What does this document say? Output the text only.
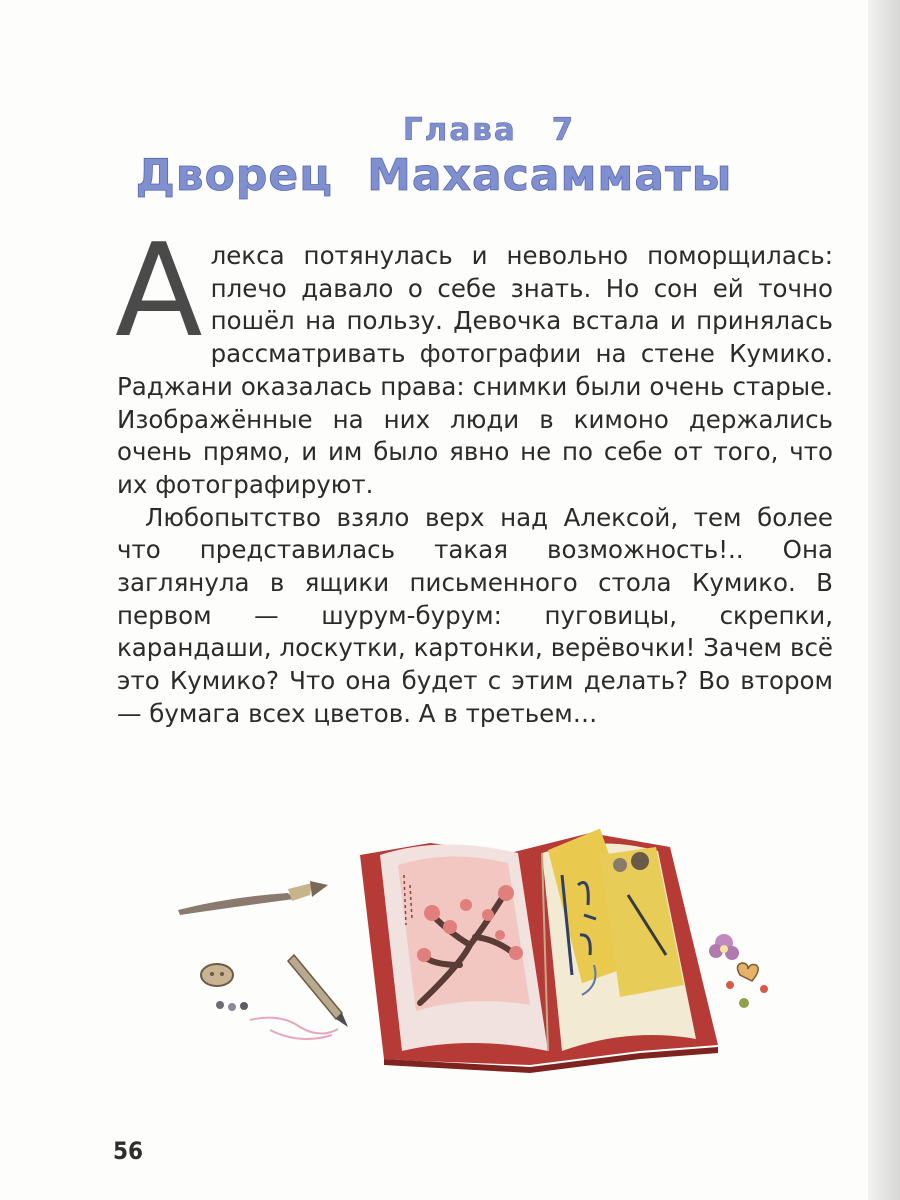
Глава 7
Дворец Махасамматы

Алекса потянулась и невольно поморщилась: плечо давало о себе знать. Но сон ей точно пошёл на пользу. Девочка встала и принялась рассматривать фотографии на стене Кумико. Раджани оказалась права: снимки были очень старые. Изображённые на них люди в кимоно держались очень прямо, и им было явно не по себе от того, что их фотографируют.

Любопытство взяло верх над Алексой, тем более что представилась такая возможность!.. Она заглянула в ящики письменного стола Кумико. В первом — шурум-бурум: пуговицы, скрепки, карандаши, лоскутки, картонки, верёвочки! Зачем всё это Кумико? Что она будет с этим делать? Во втором — бумага всех цветов. А в третьем…

56
